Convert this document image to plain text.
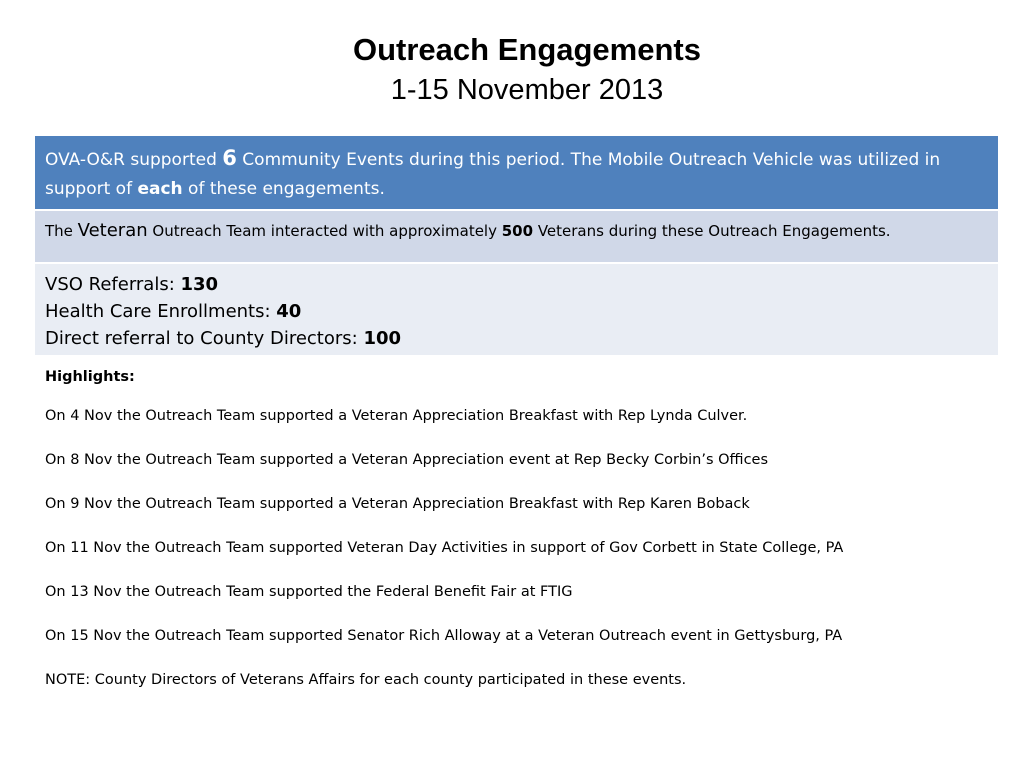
Outreach Engagements
1-15 November 2013
OVA-O&R supported 6 Community Events during this period. The Mobile Outreach Vehicle was utilized in support of each of these engagements.
The Veteran Outreach Team interacted with approximately 500 Veterans during these Outreach Engagements.
VSO Referrals: 130
Health Care Enrollments: 40
Direct referral to County Directors: 100
Highlights:
On 4 Nov the Outreach Team supported a Veteran Appreciation Breakfast with Rep Lynda Culver.
On 8 Nov the Outreach Team supported a Veteran Appreciation event at Rep Becky Corbin’s Offices
On 9 Nov the Outreach Team supported a Veteran Appreciation Breakfast with Rep Karen Boback
On 11 Nov the Outreach Team supported Veteran Day Activities in support of Gov Corbett in State College, PA
On 13 Nov the Outreach Team supported the Federal Benefit Fair at FTIG
On 15 Nov the Outreach Team supported Senator Rich Alloway at a Veteran Outreach event in Gettysburg, PA
NOTE: County Directors of Veterans Affairs for each county participated in these events.
